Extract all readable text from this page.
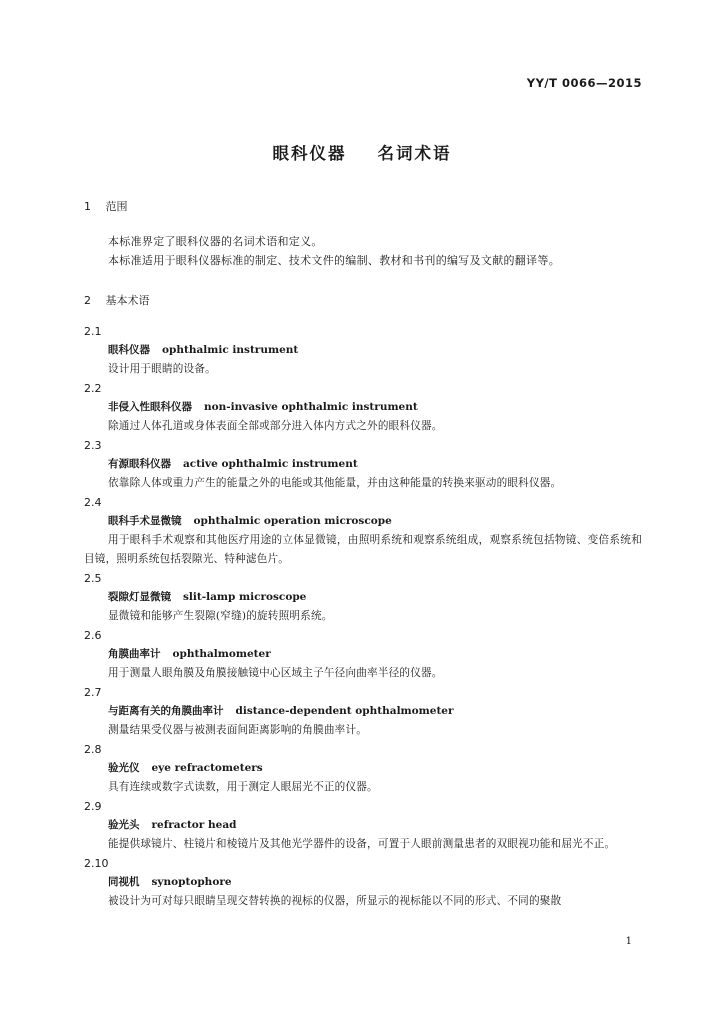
YY/T 0066—2015
眼科仪器    名词术语
1 范围
本标准界定了眼科仪器的名词术语和定义。
本标准适用于眼科仪器标准的制定、技术文件的编制、教材和书刊的编写及文献的翻译等。
2 基本术语
2.1
眼科仪器 ophthalmic instrument
设计用于眼睛的设备。
2.2
非侵入性眼科仪器 non-invasive ophthalmic instrument
除通过人体孔道或身体表面全部或部分进入体内方式之外的眼科仪器。
2.3
有源眼科仪器 active ophthalmic instrument
依靠除人体或重力产生的能量之外的电能或其他能量，并由这种能量的转换来驱动的眼科仪器。
2.4
眼科手术显微镜 ophthalmic operation microscope
用于眼科手术观察和其他医疗用途的立体显微镜，由照明系统和观察系统组成，观察系统包括物镜、变倍系统和目镜，照明系统包括裂隙光、特种滤色片。
2.5
裂隙灯显微镜 slit-lamp microscope
显微镜和能够产生裂隙(窄缝)的旋转照明系统。
2.6
角膜曲率计 ophthalmometer
用于测量人眼角膜及角膜接触镜中心区域主子午径向曲率半径的仪器。
2.7
与距离有关的角膜曲率计 distance-dependent ophthalmometer
测量结果受仪器与被测表面间距离影响的角膜曲率计。
2.8
验光仪 eye refractometers
具有连续或数字式读数，用于测定人眼屈光不正的仪器。
2.9
验光头 refractor head
能提供球镜片、柱镜片和棱镜片及其他光学器件的设备，可置于人眼前测量患者的双眼视功能和屈光不正。
2.10
同视机 synoptophore
被设计为可对每只眼睛呈现交替转换的视标的仪器，所显示的视标能以不同的形式、不同的聚散
1
